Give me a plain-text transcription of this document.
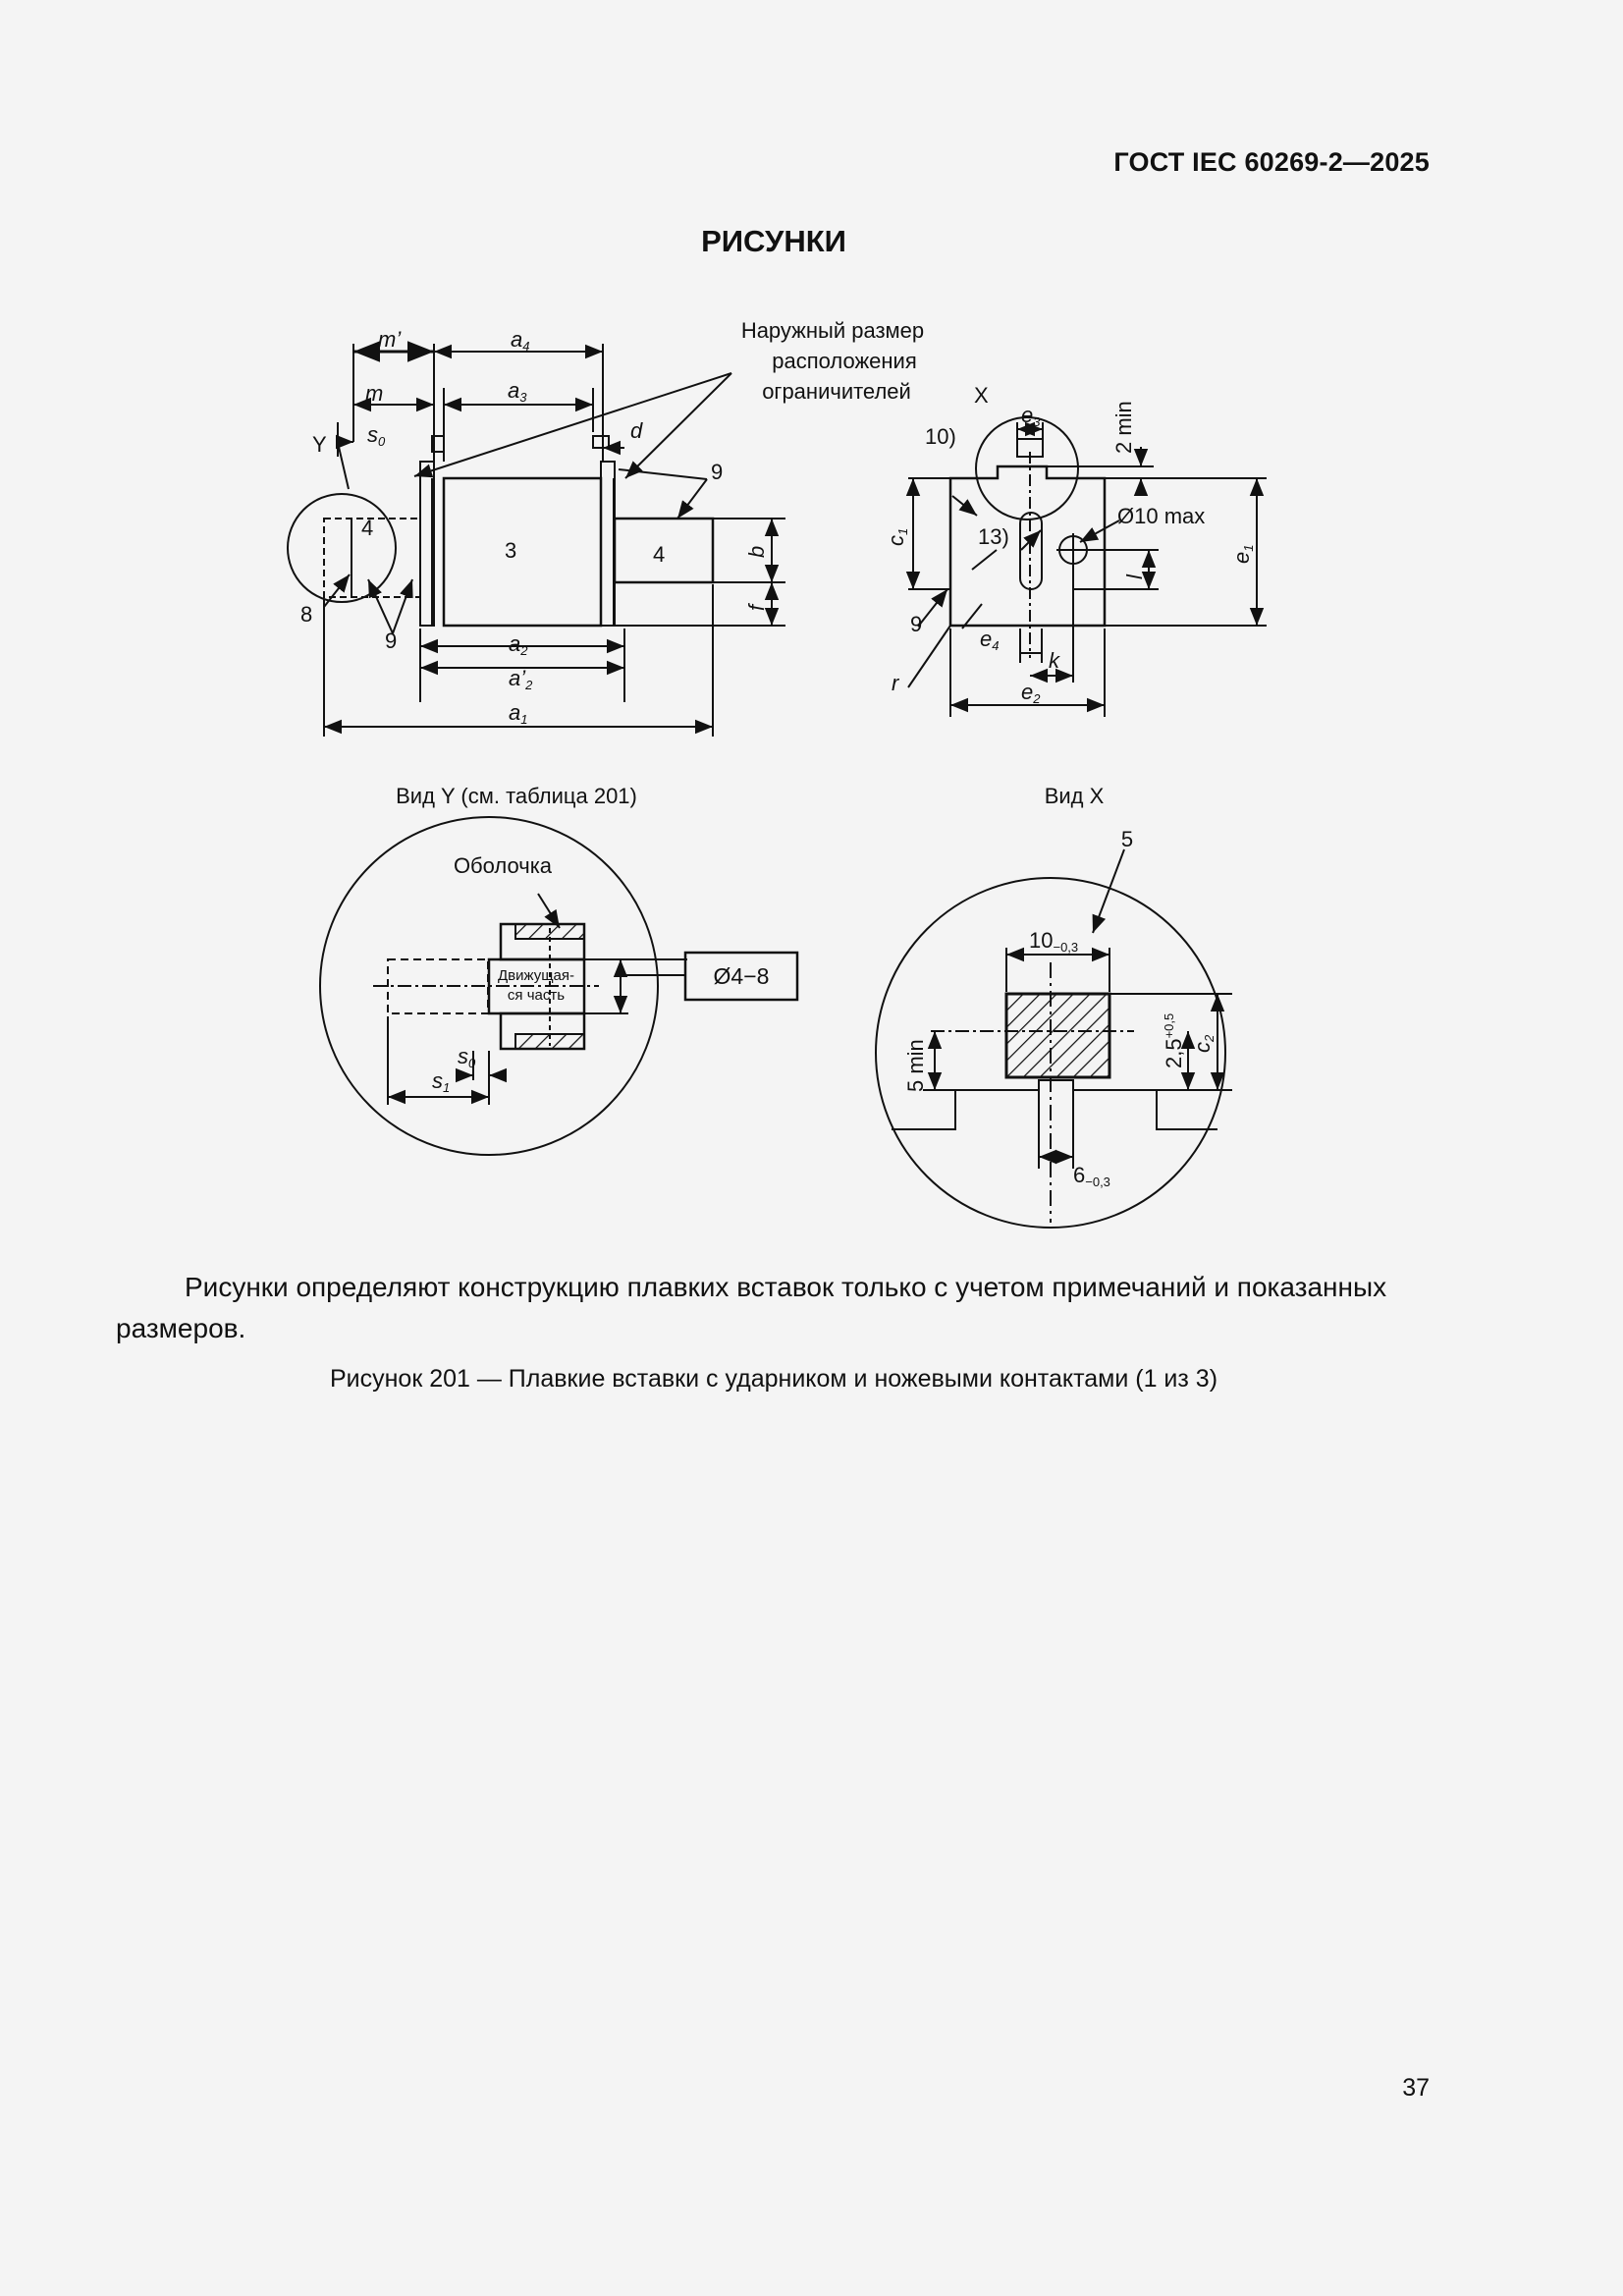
ГОСТ IEC 60269-2—2025
РИСУНКИ
m’	a4
m	a3
s0	d
Y
3
4
4	b
f
8
9
9
a2
a’2
a1
Наружный размер
расположения
ограничителей	X
e3	2 min
10)
c1	13)
Ø10 max
e1
l
9
r
e4
k
e2
Вид Y (см. таблица 201)
Оболочка
Движущая-
ся часть
Ø4−8
s0
s1
Вид X
5
10−0,3
5 min	$2,5^{+0,5}$
c2
6−0,3
Рисунки определяют конструкцию плавких вставок только с учетом примечаний и показанных размеров.
Рисунок 201 — Плавкие вставки с ударником и ножевыми контактами (1 из 3)
37
